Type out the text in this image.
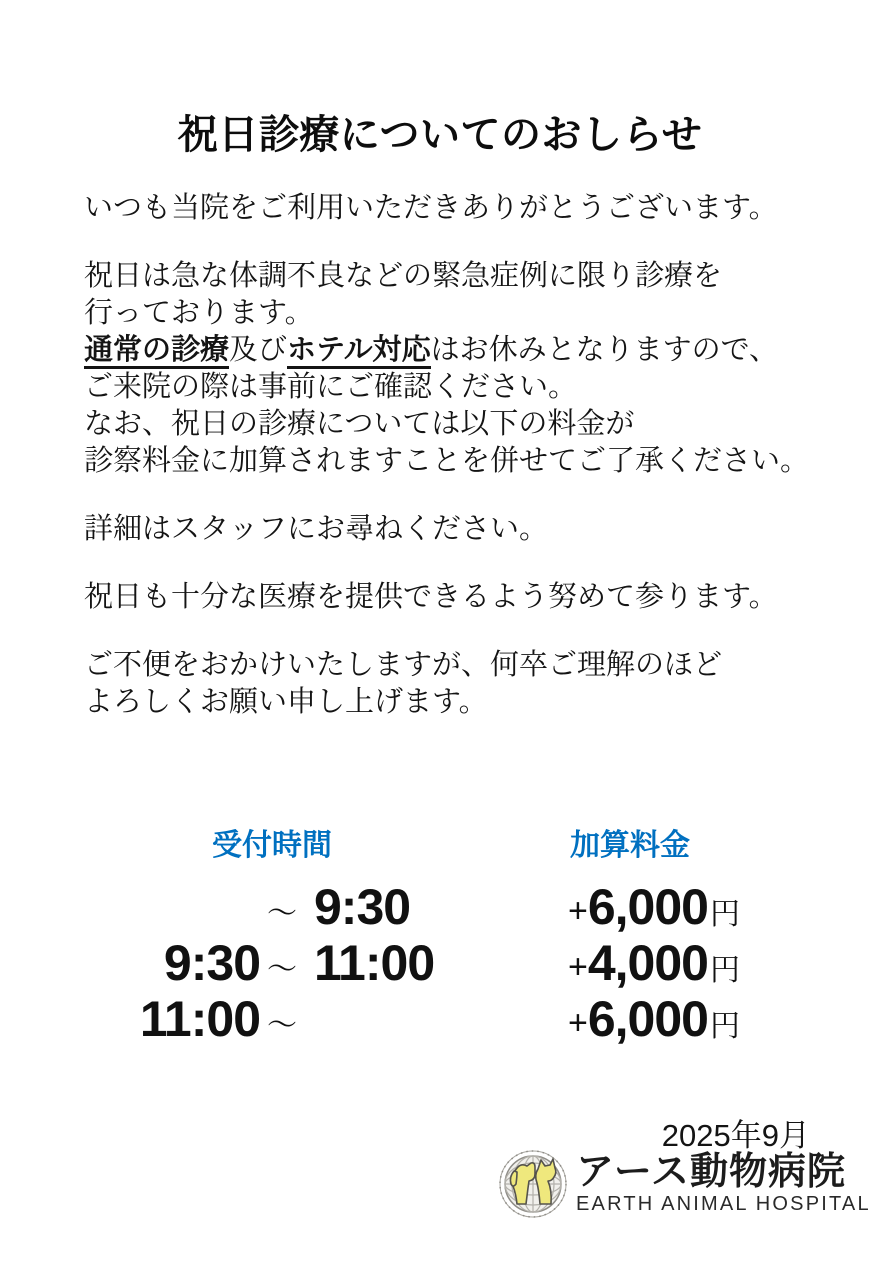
祝日診療についてのおしらせ

いつも当院をご利用いただきありがとうございます。

祝日は急な体調不良などの緊急症例に限り診療を
行っております。
通常の診療及びホテル対応はお休みとなりますので、
ご来院の際は事前にご確認ください。
なお、祝日の診療については以下の料金が
診察料金に加算されますことを併せてご了承ください。

詳細はスタッフにお尋ねください。

祝日も十分な医療を提供できるよう努めて参ります。

ご不便をおかけいたしますが、何卒ご理解のほど
よろしくお願い申し上げます。

受付時間	加算料金
～ 9:30
9:30 ～ 11:00
11:00 ～
+ 6,000 円
+ 4,000 円
+ 6,000 円
2025年9月
アース動物病院
EARTH ANIMAL HOSPITAL
